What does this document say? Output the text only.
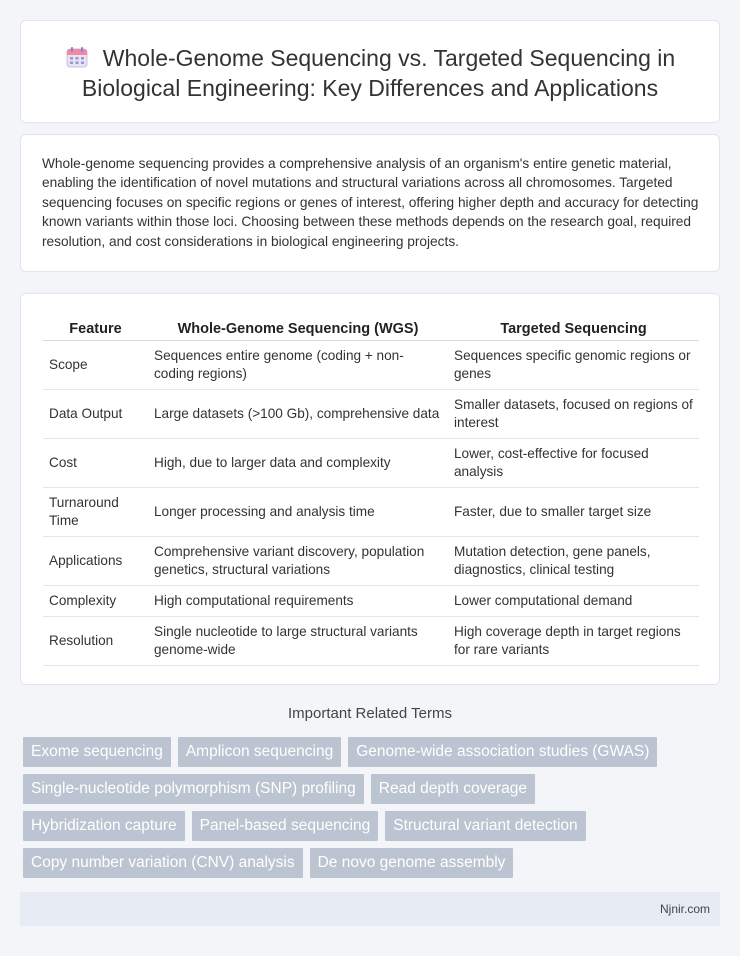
Whole-Genome Sequencing vs. Targeted Sequencing in Biological Engineering: Key Differences and Applications

Whole-genome sequencing provides a comprehensive analysis of an organism's entire genetic material, enabling the identification of novel mutations and structural variations across all chromosomes. Targeted sequencing focuses on specific regions or genes of interest, offering higher depth and accuracy for detecting known variants within those loci. Choosing between these methods depends on the research goal, required resolution, and cost considerations in biological engineering projects.

Feature	Whole-Genome Sequencing (WGS)	Targeted Sequencing
Scope	Sequences entire genome (coding + non-coding regions)	Sequences specific genomic regions or genes
Data Output	Large datasets (>100 Gb), comprehensive data	Smaller datasets, focused on regions of interest
Cost	High, due to larger data and complexity	Lower, cost-effective for focused analysis
Turnaround Time	Longer processing and analysis time	Faster, due to smaller target size
Applications	Comprehensive variant discovery, population genetics, structural variations	Mutation detection, gene panels, diagnostics, clinical testing
Complexity	High computational requirements	Lower computational demand
Resolution	Single nucleotide to large structural variants genome-wide	High coverage depth in target regions for rare variants
Important Related Terms
Exome sequencing	Amplicon sequencing	Genome-wide association studies (GWAS)
Single-nucleotide polymorphism (SNP) profiling	Read depth coverage
Hybridization capture	Panel-based sequencing	Structural variant detection
Copy number variation (CNV) analysis	De novo genome assembly
Njnir.com
